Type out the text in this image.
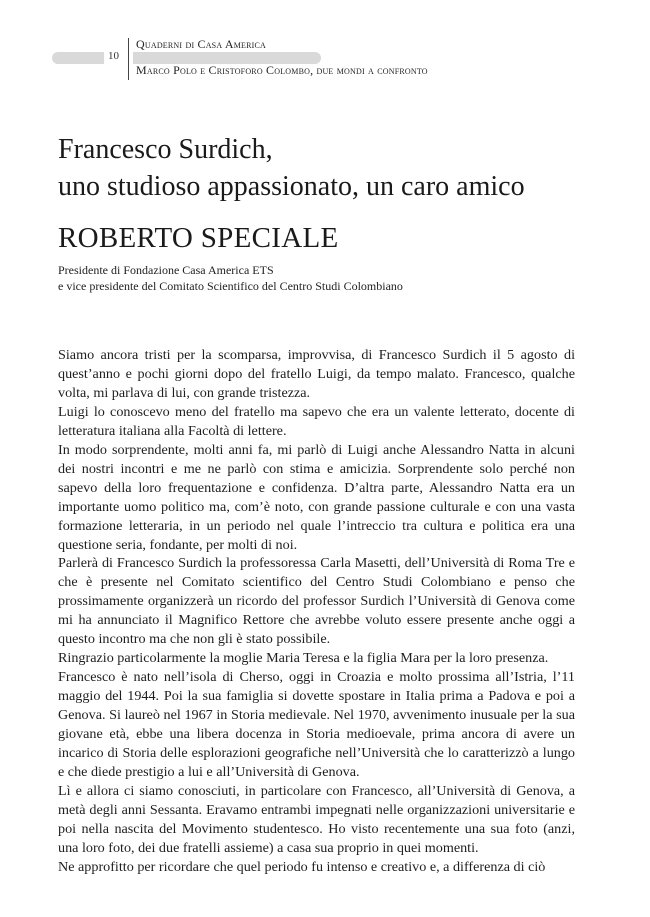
10
Quaderni di Casa America
Marco Polo e Cristoforo Colombo, due mondi a confronto
Francesco Surdich,
uno studioso appassionato, un caro amico
ROBERTO SPECIALE
Presidente di Fondazione Casa America ETS
e vice presidente del Comitato Scientifico del Centro Studi Colombiano

Siamo ancora tristi per la scomparsa, improvvisa, di Francesco Surdich il 5 agosto di quest’anno e pochi giorni dopo del fratello Luigi, da tempo malato. Francesco, qualche volta, mi parlava di lui, con grande tristezza.

Luigi lo conoscevo meno del fratello ma sapevo che era un valente letterato, docente di letteratura italiana alla Facoltà di lettere.

In modo sorprendente, molti anni fa, mi parlò di Luigi anche Alessandro Natta in alcuni dei nostri incontri e me ne parlò con stima e amicizia. Sorprendente solo perché non sapevo della loro frequentazione e confidenza. D’altra parte, Alessandro Natta era un importante uomo politico ma, com’è noto, con grande passione culturale e con una vasta formazione letteraria, in un periodo nel quale l’intreccio tra cultura e politica era una questione seria, fondante, per molti di noi.

Parlerà di Francesco Surdich la professoressa Carla Masetti, dell’Università di Roma Tre e che è presente nel Comitato scientifico del Centro Studi Colombiano e penso che prossimamente organizzerà un ricordo del professor Surdich l’Università di Genova come mi ha annunciato il Magnifico Rettore che avrebbe voluto essere presente anche oggi a questo incontro ma che non gli è stato possibile.

Ringrazio particolarmente la moglie Maria Teresa e la figlia Mara per la loro presenza.

Francesco è nato nell’isola di Cherso, oggi in Croazia e molto prossima all’Istria, l’11 maggio del 1944. Poi la sua famiglia si dovette spostare in Italia prima a Padova e poi a Genova. Si laureò nel 1967 in Storia medievale. Nel 1970, avvenimento inusuale per la sua giovane età, ebbe una libera docenza in Storia medioevale, prima ancora di avere un incarico di Storia delle esplorazioni geografiche nell’Università che lo caratterizzò a lungo e che diede prestigio a lui e all’Università di Genova.

Lì e allora ci siamo conosciuti, in particolare con Francesco, all’Università di Genova, a metà degli anni Sessanta. Eravamo entrambi impegnati nelle organizzazioni universitarie e poi nella nascita del Movimento studentesco. Ho visto recentemente una sua foto (anzi, una loro foto, dei due fratelli assieme) a casa sua proprio in quei momenti.

Ne approfitto per ricordare che quel periodo fu intenso e creativo e, a differenza di ciò
